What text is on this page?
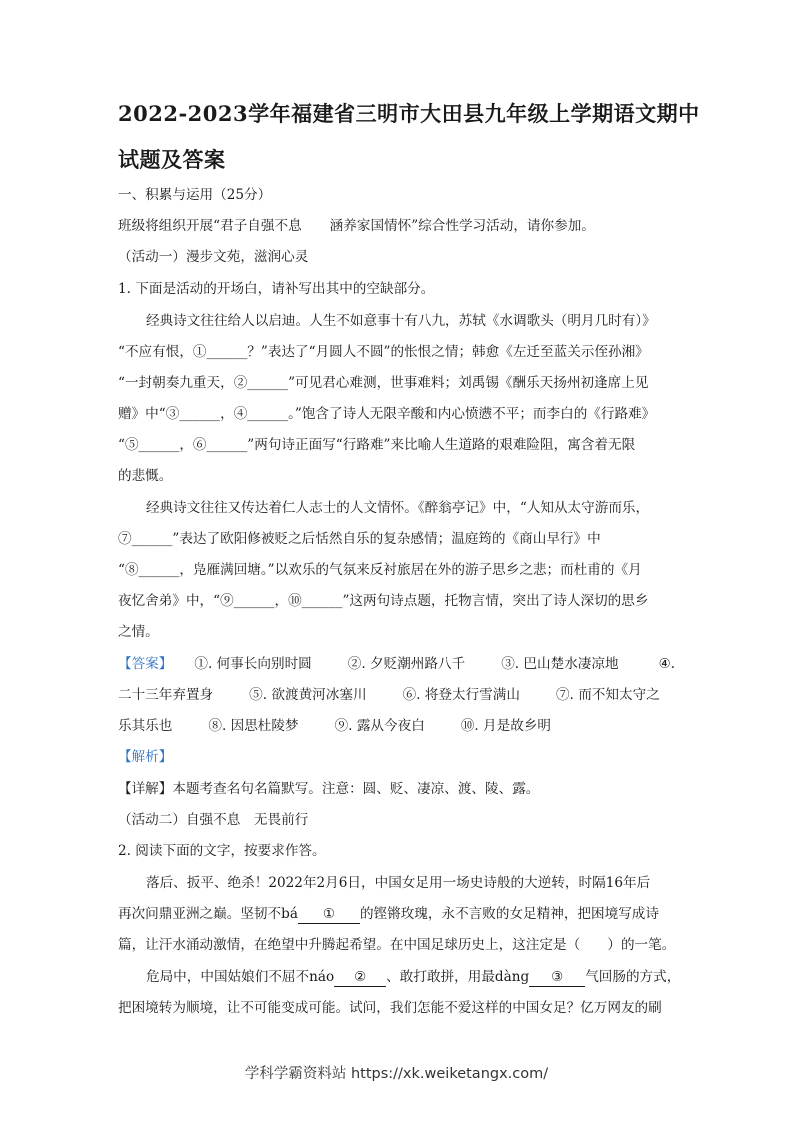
2022-2023学年福建省三明市大田县九年级上学期语文期中
试题及答案
一、积累与运用（25分）
班级将组织开展“君子自强不息 涵养家国情怀”综合性学习活动，请你参加。
（活动一）漫步文苑，滋润心灵
1. 下面是活动的开场白，请补写出其中的空缺部分。
经典诗文往往给人以启迪。人生不如意事十有八九，苏轼《水调歌头（明月几时有）》
“不应有恨，①______？”表达了“月圆人不圆”的怅恨之情；韩愈《左迁至蓝关示侄孙湘》
“一封朝奏九重天，②______”可见君心难测，世事难料；刘禹锡《酬乐天扬州初逢席上见
赠》中“③______，④______。”饱含了诗人无限辛酸和内心愤懑不平；而李白的《行路难》
“⑤______，⑥______”两句诗正面写“行路难”来比喻人生道路的艰难险阻，寓含着无限
的悲慨。
经典诗文往往又传达着仁人志士的人文情怀。《醉翁亭记》中，“人知从太守游而乐，
⑦______”表达了欧阳修被贬之后恬然自乐的复杂感情；温庭筠的《商山早行》中
“⑧______，凫雁满回塘。”以欢乐的气氛来反衬旅居在外的游子思乡之悲；而杜甫的《月
夜忆舍弟》中，“⑨______，⑩______”这两句诗点题，托物言情，突出了诗人深切的思乡
之情。
【答案】 ①. 何事长向别时圆	②. 夕贬潮州路八千	③. 巴山楚水凄凉地	④.
二十三年弃置身	⑤. 欲渡黄河冰塞川	⑥. 将登太行雪满山	⑦. 而不知太守之
乐其乐也	⑧. 因思杜陵梦	⑨. 露从今夜白	⑩. 月是故乡明
【解析】
【详解】本题考查名句名篇默写。注意：圆、贬、凄凉、渡、陵、露。
（活动二）自强不息　无畏前行
2. 阅读下面的文字，按要求作答。
落后、扳平、绝杀！2022年2月6日，中国女足用一场史诗般的大逆转，时隔16年后
再次问鼎亚洲之巅。坚韧不bá ① 的铿锵玫瑰，永不言败的女足精神，把困境写成诗
篇，让汗水涌动激情，在绝望中升腾起希望。在中国足球历史上，这注定是（　　）的一笔。
危局中，中国姑娘们不屈不náo ② 、敢打敢拼，用最dàng ③ 气回肠的方式，
把困境转为顺境，让不可能变成可能。试问，我们怎能不爱这样的中国女足？亿万网友的刷
学科学霸资料站 https://xk.weiketangx.com/
